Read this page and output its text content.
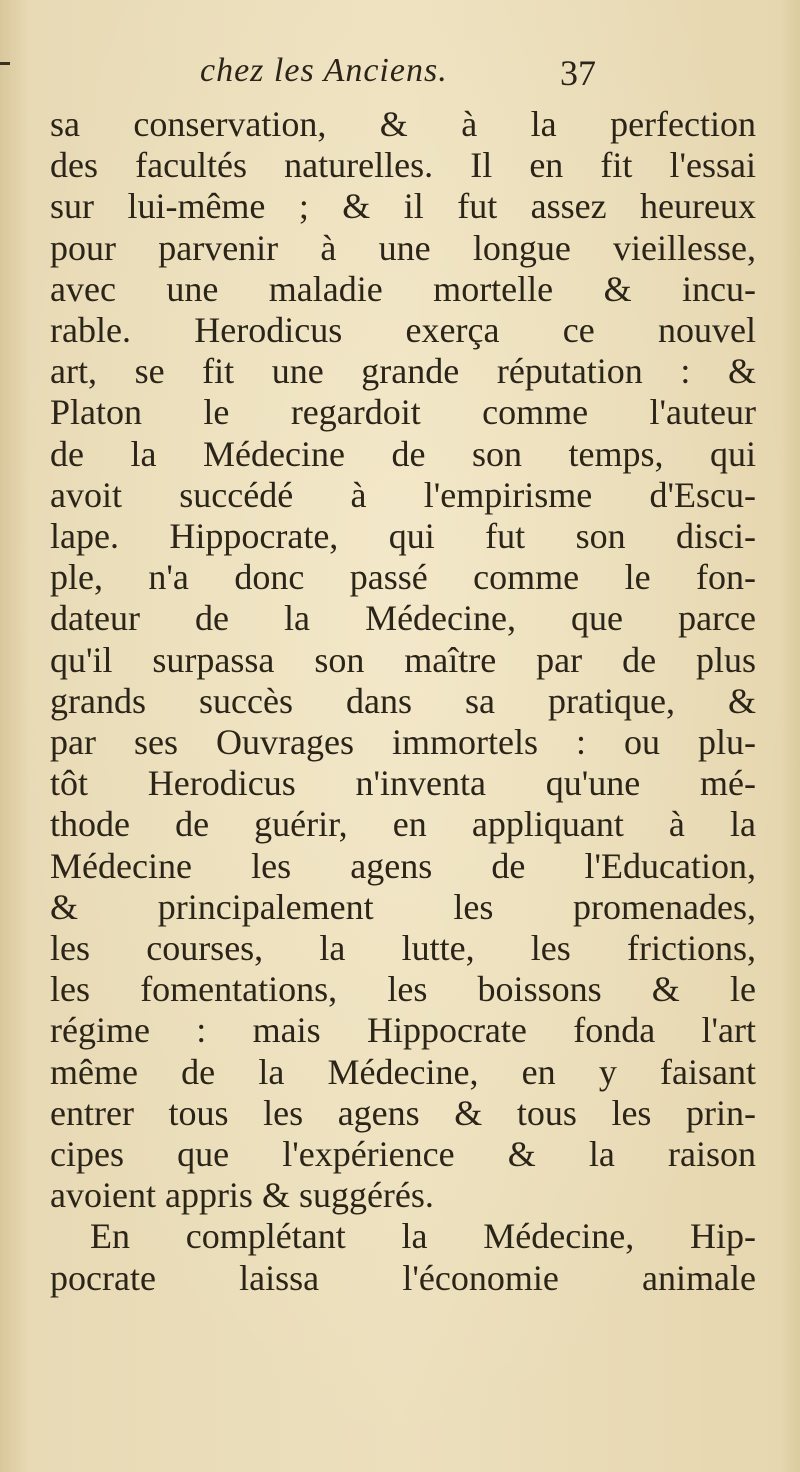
chez les Anciens.	37
sa conservation, & à la perfection
des facultés naturelles. Il en fit l'essai
sur lui-même ; & il fut assez heureux
pour parvenir à une longue vieillesse,
avec une maladie mortelle & incu-
rable. Herodicus exerça ce nouvel
art, se fit une grande réputation : &
Platon le regardoit comme l'auteur
de la Médecine de son temps, qui
avoit succédé à l'empirisme d'Escu-
lape. Hippocrate, qui fut son disci-
ple, n'a donc passé comme le fon-
dateur de la Médecine, que parce
qu'il surpassa son maître par de plus
grands succès dans sa pratique, &
par ses Ouvrages immortels : ou plu-
tôt Herodicus n'inventa qu'une mé-
thode de guérir, en appliquant à la
Médecine les agens de l'Education,
& principalement les promenades,
les courses, la lutte, les frictions,
les fomentations, les boissons & le
régime : mais Hippocrate fonda l'art
même de la Médecine, en y faisant
entrer tous les agens & tous les prin-
cipes que l'expérience & la raison
avoient appris & suggérés.
En complétant la Médecine, Hip-
pocrate laissa l'économie animale
